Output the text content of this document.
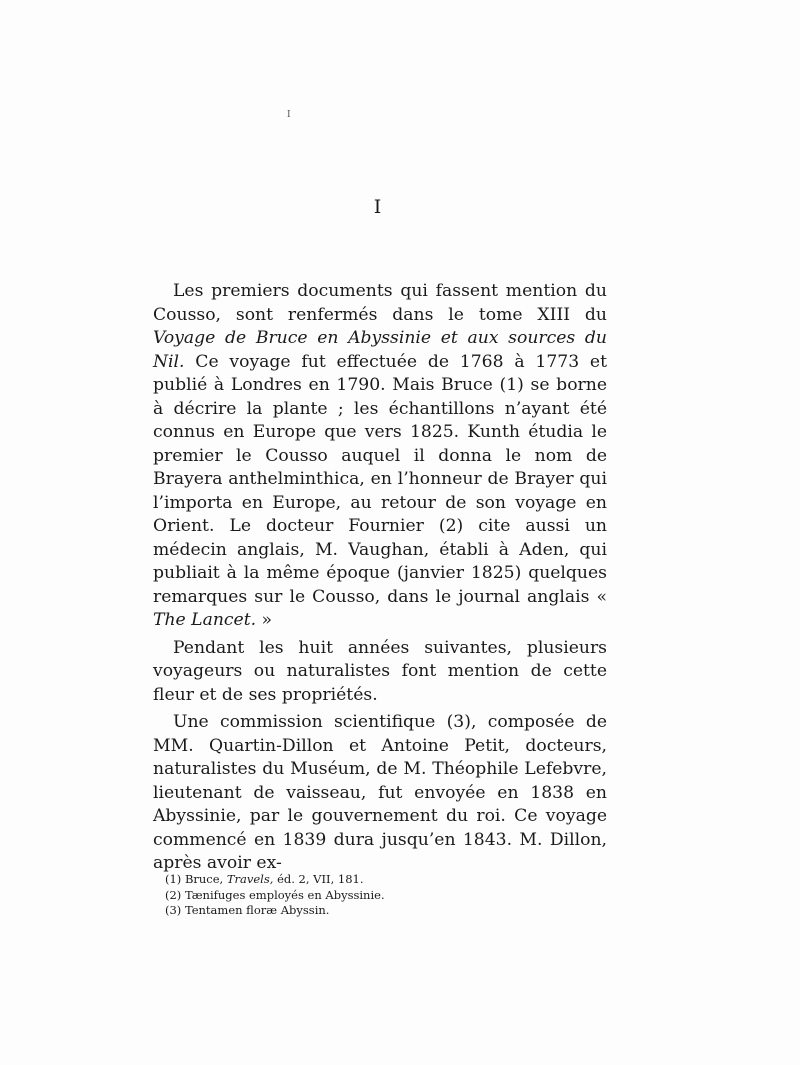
I
I

Les premiers documents qui fassent mention du Cousso, sont renfermés dans le tome XIII du Voyage de Bruce en Abyssinie et aux sources du Nil. Ce voyage fut effectuée de 1768 à 1773 et publié à Londres en 1790. Mais Bruce (1) se borne à décrire la plante ; les échantillons n’ayant été connus en Europe que vers 1825. Kunth étudia le premier le Cousso auquel il donna le nom de Brayera anthelminthica, en l’honneur de Brayer qui l’importa en Europe, au retour de son voyage en Orient. Le docteur Fournier (2) cite aussi un médecin anglais, M. Vaughan, établi à Aden, qui publiait à la même époque (janvier 1825) quelques remarques sur le Cousso, dans le journal anglais « The Lancet. »

Pendant les huit années suivantes, plusieurs voyageurs ou naturalistes font mention de cette fleur et de ses propriétés.

Une commission scientifique (3), composée de MM. Quartin-Dillon et Antoine Petit, docteurs, naturalistes du Muséum, de M. Théophile Lefebvre, lieutenant de vaisseau, fut envoyée en 1838 en Abyssinie, par le gouvernement du roi. Ce voyage commencé en 1839 dura jusqu’en 1843. M. Dillon, après avoir ex-

(1) Bruce, Travels, éd. 2, VII, 181.

(2) Tænifuges employés en Abyssinie.

(3) Tentamen floræ Abyssin.
